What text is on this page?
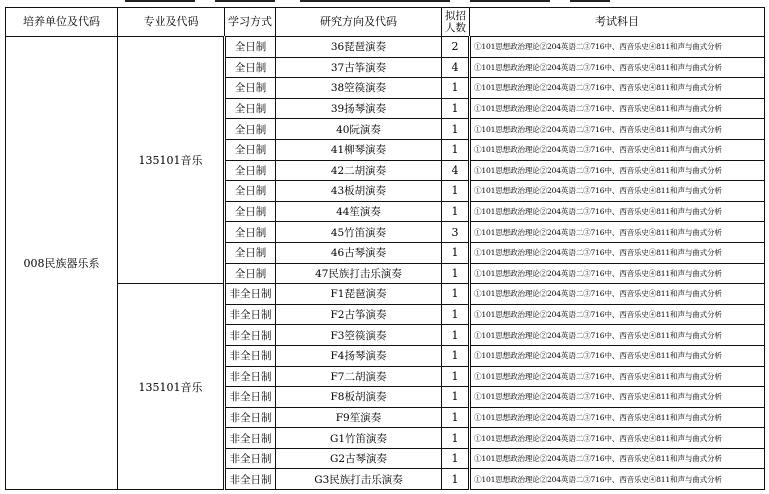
培养单位及代码	专业及代码	学习方式	研究方向及代码	拟招人数	考试科目
008民族器乐系	135101音乐	全日制	36琵琶演奏	2	①101思想政治理论②204英语二③716中、西音乐史④811和声与曲式分析
		全日制	37古筝演奏	4	①101思想政治理论②204英语二③716中、西音乐史④811和声与曲式分析
		全日制	38箜篌演奏	1	①101思想政治理论②204英语二③716中、西音乐史④811和声与曲式分析
		全日制	39扬琴演奏	1	①101思想政治理论②204英语二③716中、西音乐史④811和声与曲式分析
		全日制	40阮演奏	1	①101思想政治理论②204英语二③716中、西音乐史④811和声与曲式分析
		全日制	41柳琴演奏	1	①101思想政治理论②204英语二③716中、西音乐史④811和声与曲式分析
		全日制	42二胡演奏	4	①101思想政治理论②204英语二③716中、西音乐史④811和声与曲式分析
		全日制	43板胡演奏	1	①101思想政治理论②204英语二③716中、西音乐史④811和声与曲式分析
		全日制	44笙演奏	1	①101思想政治理论②204英语二③716中、西音乐史④811和声与曲式分析
		全日制	45竹笛演奏	3	①101思想政治理论②204英语二③716中、西音乐史④811和声与曲式分析
		全日制	46古琴演奏	1	①101思想政治理论②204英语二③716中、西音乐史④811和声与曲式分析
		全日制	47民族打击乐演奏	1	①101思想政治理论②204英语二③716中、西音乐史④811和声与曲式分析
	135101音乐	非全日制	F1琵琶演奏	1	①101思想政治理论②204英语二③716中、西音乐史④811和声与曲式分析
		非全日制	F2古筝演奏	1	①101思想政治理论②204英语二③716中、西音乐史④811和声与曲式分析
		非全日制	F3箜篌演奏	1	①101思想政治理论②204英语二③716中、西音乐史④811和声与曲式分析
		非全日制	F4扬琴演奏	1	①101思想政治理论②204英语二③716中、西音乐史④811和声与曲式分析
		非全日制	F7二胡演奏	1	①101思想政治理论②204英语二③716中、西音乐史④811和声与曲式分析
		非全日制	F8板胡演奏	1	①101思想政治理论②204英语二③716中、西音乐史④811和声与曲式分析
		非全日制	F9笙演奏	1	①101思想政治理论②204英语二③716中、西音乐史④811和声与曲式分析
		非全日制	G1竹笛演奏	1	①101思想政治理论②204英语二③716中、西音乐史④811和声与曲式分析
		非全日制	G2古琴演奏	1	①101思想政治理论②204英语二③716中、西音乐史④811和声与曲式分析
		非全日制	G3民族打击乐演奏	1	①101思想政治理论②204英语二③716中、西音乐史④811和声与曲式分析
